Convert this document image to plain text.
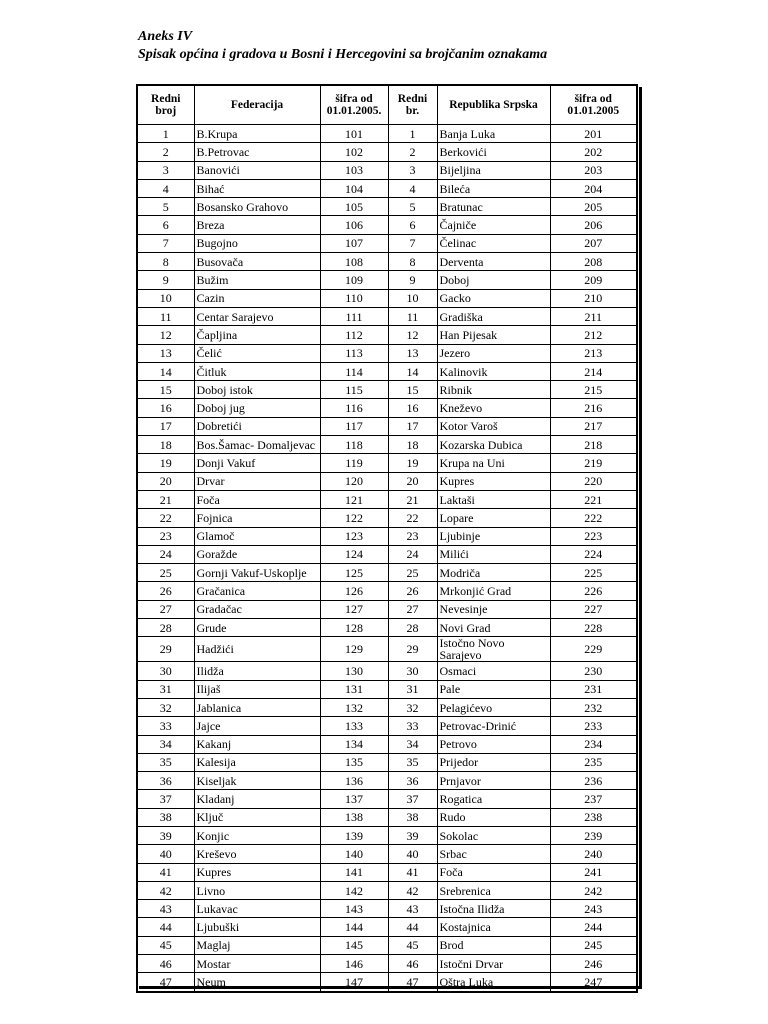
Aneks IV
Spisak općina i gradova u Bosni i Hercegovini sa brojčanim oznakama
Redni broj	Federacija	šifra od 01.01.2005.	Redni br.	Republika Srpska	šifra od 01.01.2005
1	B.Krupa	101	1	Banja Luka	201
2	B.Petrovac	102	2	Berkovići	202
3	Banovići	103	3	Bijeljina	203
4	Bihać	104	4	Bileća	204
5	Bosansko Grahovo	105	5	Bratunac	205
6	Breza	106	6	Čajniče	206
7	Bugojno	107	7	Čelinac	207
8	Busovača	108	8	Derventa	208
9	Bužim	109	9	Doboj	209
10	Cazin	110	10	Gacko	210
11	Centar Sarajevo	111	11	Gradiška	211
12	Čapljina	112	12	Han Pijesak	212
13	Čelić	113	13	Jezero	213
14	Čitluk	114	14	Kalinovik	214
15	Doboj istok	115	15	Ribnik	215
16	Doboj jug	116	16	Kneževo	216
17	Dobretići	117	17	Kotor Varoš	217
18	Bos.Šamac- Domaljevac	118	18	Kozarska Dubica	218
19	Donji Vakuf	119	19	Krupa na Uni	219
20	Drvar	120	20	Kupres	220
21	Foča	121	21	Laktaši	221
22	Fojnica	122	22	Lopare	222
23	Glamoč	123	23	Ljubinje	223
24	Goražde	124	24	Milići	224
25	Gornji Vakuf-Uskoplje	125	25	Modriča	225
26	Gračanica	126	26	Mrkonjić Grad	226
27	Gradačac	127	27	Nevesinje	227
28	Grude	128	28	Novi Grad	228
29	Hadžići	129	29	Istočno Novo Sarajevo	229
30	Ilidža	130	30	Osmaci	230
31	Ilijaš	131	31	Pale	231
32	Jablanica	132	32	Pelagićevo	232
33	Jajce	133	33	Petrovac-Drinić	233
34	Kakanj	134	34	Petrovo	234
35	Kalesija	135	35	Prijedor	235
36	Kiseljak	136	36	Prnjavor	236
37	Kladanj	137	37	Rogatica	237
38	Ključ	138	38	Rudo	238
39	Konjic	139	39	Sokolac	239
40	Kreševo	140	40	Srbac	240
41	Kupres	141	41	Foča	241
42	Livno	142	42	Srebrenica	242
43	Lukavac	143	43	Istočna Ilidža	243
44	Ljubuški	144	44	Kostajnica	244
45	Maglaj	145	45	Brod	245
46	Mostar	146	46	Istočni Drvar	246
47	Neum	147	47	Oštra Luka	247
